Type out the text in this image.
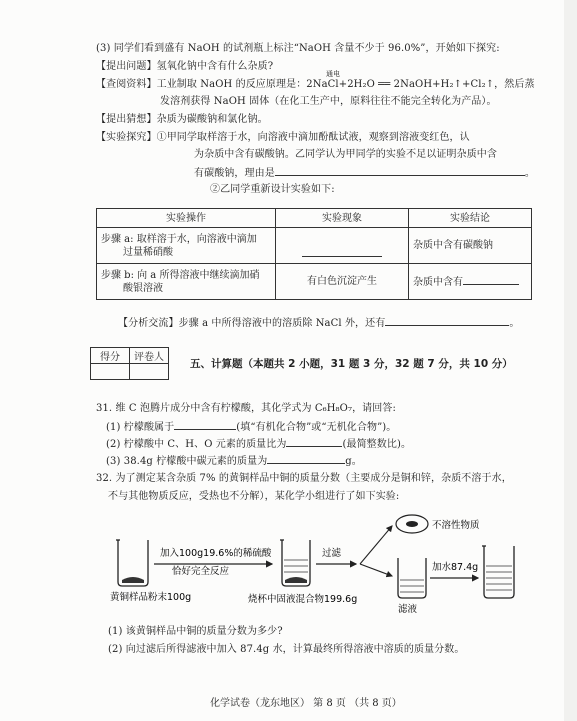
(3) 同学们看到盛有 NaOH 的试剂瓶上标注“NaOH 含量不少于 96.0%”，开始如下探究:
【提出问题】氢氧化钠中含有什么杂质?
【查阅资料】工业制取 NaOH 的反应原理是：2NaCl+2H₂O ══ 2NaOH+H₂↑+Cl₂↑，然后蒸
通电
发溶剂获得 NaOH 固体（在化工生产中，原料往往不能完全转化为产品）。
【提出猜想】杂质为碳酸钠和氯化钠。
【实验探究】①甲同学取样溶于水，向溶液中滴加酚酞试液，观察到溶液变红色，认
为杂质中含有碳酸钠。乙同学认为甲同学的实验不足以证明杂质中含
有碳酸钠，理由是	。
②乙同学重新设计实验如下:
实验操作	实验现象	实验结论

步骤 a: 取样溶于水，向溶液中滴加
过量稀硝酸		杂质中含有碳酸钠

步骤 b: 向 a 所得溶液中继续滴加硝
酸银溶液	有白色沉淀产生	杂质中含有
【分析交流】步骤 a 中所得溶液中的溶质除 NaCl 外，还有	。
得分	评卷人

五、计算题（本题共 2 小题，31 题 3 分，32 题 7 分，共 10 分）
31. 维 C 泡腾片成分中含有柠檬酸，其化学式为 C₆H₈O₇，请回答:
(1) 柠檬酸属于	(填“有机化合物”或“无机化合物”)。
(2) 柠檬酸中 C、H、O 元素的质量比为	(最简整数比)。
(3) 38.4g 柠檬酸中碳元素的质量为	g。
32. 为了测定某含杂质 7% 的黄铜样品中铜的质量分数（主要成分是铜和锌，杂质不溶于水，
不与其他物质反应，受热也不分解），某化学小组进行了如下实验:
加入100g19.6%的稀硫酸
恰好完全反应
黄铜样品粉末100g	烧杯中固液混合物199.6g
过滤
不溶性物质
滤液
加水87.4g
(1) 该黄铜样品中铜的质量分数为多少?
(2) 向过滤后所得滤液中加入 87.4g 水，计算最终所得溶液中溶质的质量分数。
化学试卷（龙东地区） 第 8 页 （共 8 页）
